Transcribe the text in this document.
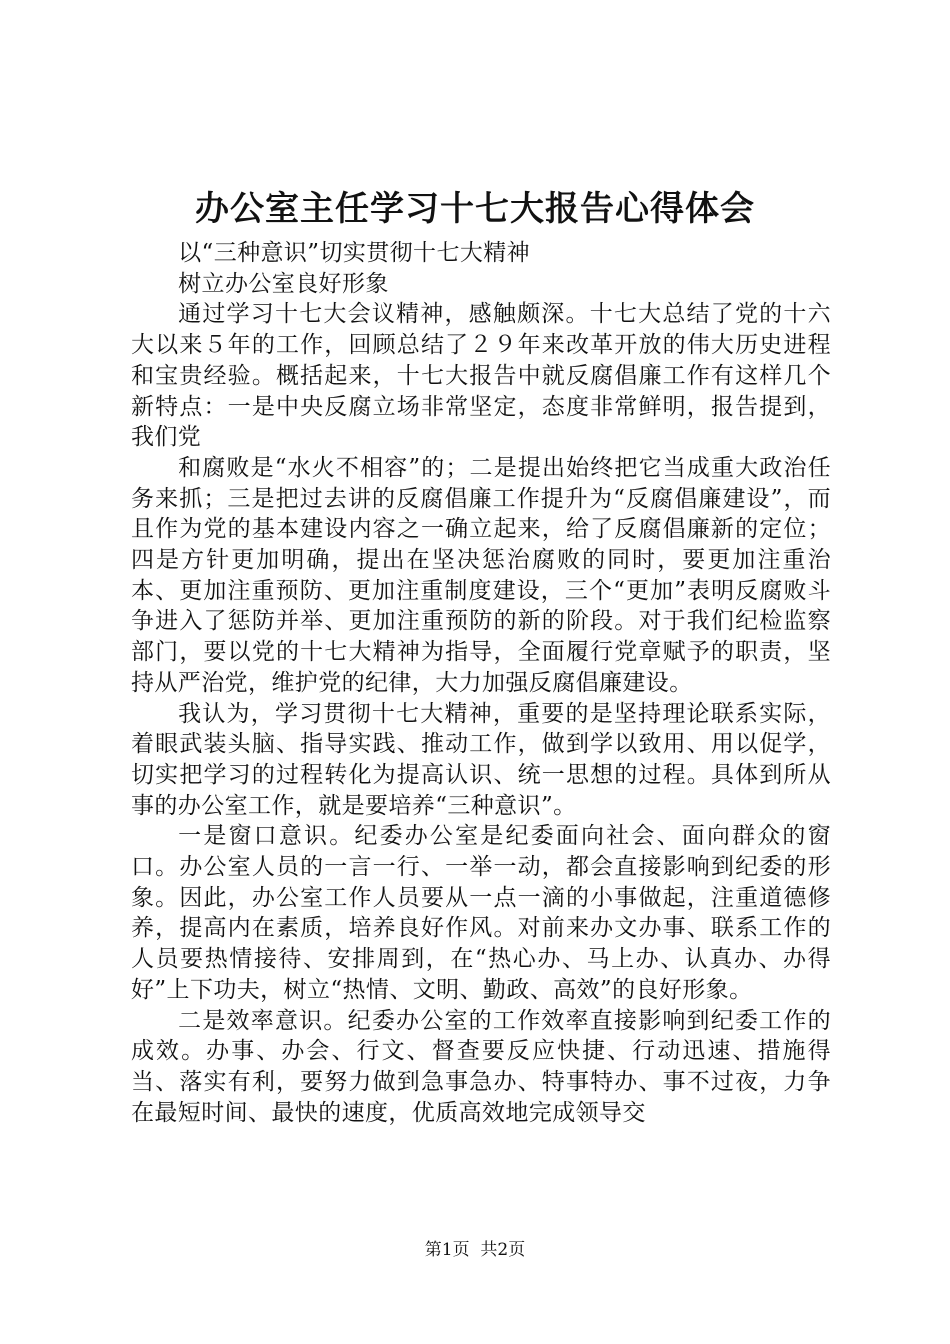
办公室主任学习十七大报告心得体会

以“三种意识”切实贯彻十七大精神

树立办公室良好形象

通过学习十七大会议精神，感触颇深。十七大总结了党的十六大以来５年的工作，回顾总结了２９年来改革开放的伟大历史进程和宝贵经验。概括起来，十七大报告中就反腐倡廉工作有这样几个新特点：一是中央反腐立场非常坚定，态度非常鲜明，报告提到，我们党

和腐败是“水火不相容”的；二是提出始终把它当成重大政治任务来抓；三是把过去讲的反腐倡廉工作提升为“反腐倡廉建设”，而且作为党的基本建设内容之一确立起来，给了反腐倡廉新的定位；四是方针更加明确，提出在坚决惩治腐败的同时，要更加注重治本、更加注重预防、更加注重制度建设，三个“更加”表明反腐败斗争进入了惩防并举、更加注重预防的新的阶段。对于我们纪检监察部门，要以党的十七大精神为指导，全面履行党章赋予的职责，坚持从严治党，维护党的纪律，大力加强反腐倡廉建设。

我认为，学习贯彻十七大精神，重要的是坚持理论联系实际，着眼武装头脑、指导实践、推动工作，做到学以致用、用以促学，切实把学习的过程转化为提高认识、统一思想的过程。具体到所从事的办公室工作，就是要培养“三种意识”。

一是窗口意识。纪委办公室是纪委面向社会、面向群众的窗口。办公室人员的一言一行、一举一动，都会直接影响到纪委的形象。因此，办公室工作人员要从一点一滴的小事做起，注重道德修养，提高内在素质，培养良好作风。对前来办文办事、联系工作的人员要热情接待、安排周到，在“热心办、马上办、认真办、办得好”上下功夫，树立“热情、文明、勤政、高效”的良好形象。

二是效率意识。纪委办公室的工作效率直接影响到纪委工作的成效。办事、办会、行文、督查要反应快捷、行动迅速、措施得当、落实有利，要努力做到急事急办、特事特办、事不过夜，力争在最短时间、最快的速度，优质高效地完成领导交

第1页 共2页
